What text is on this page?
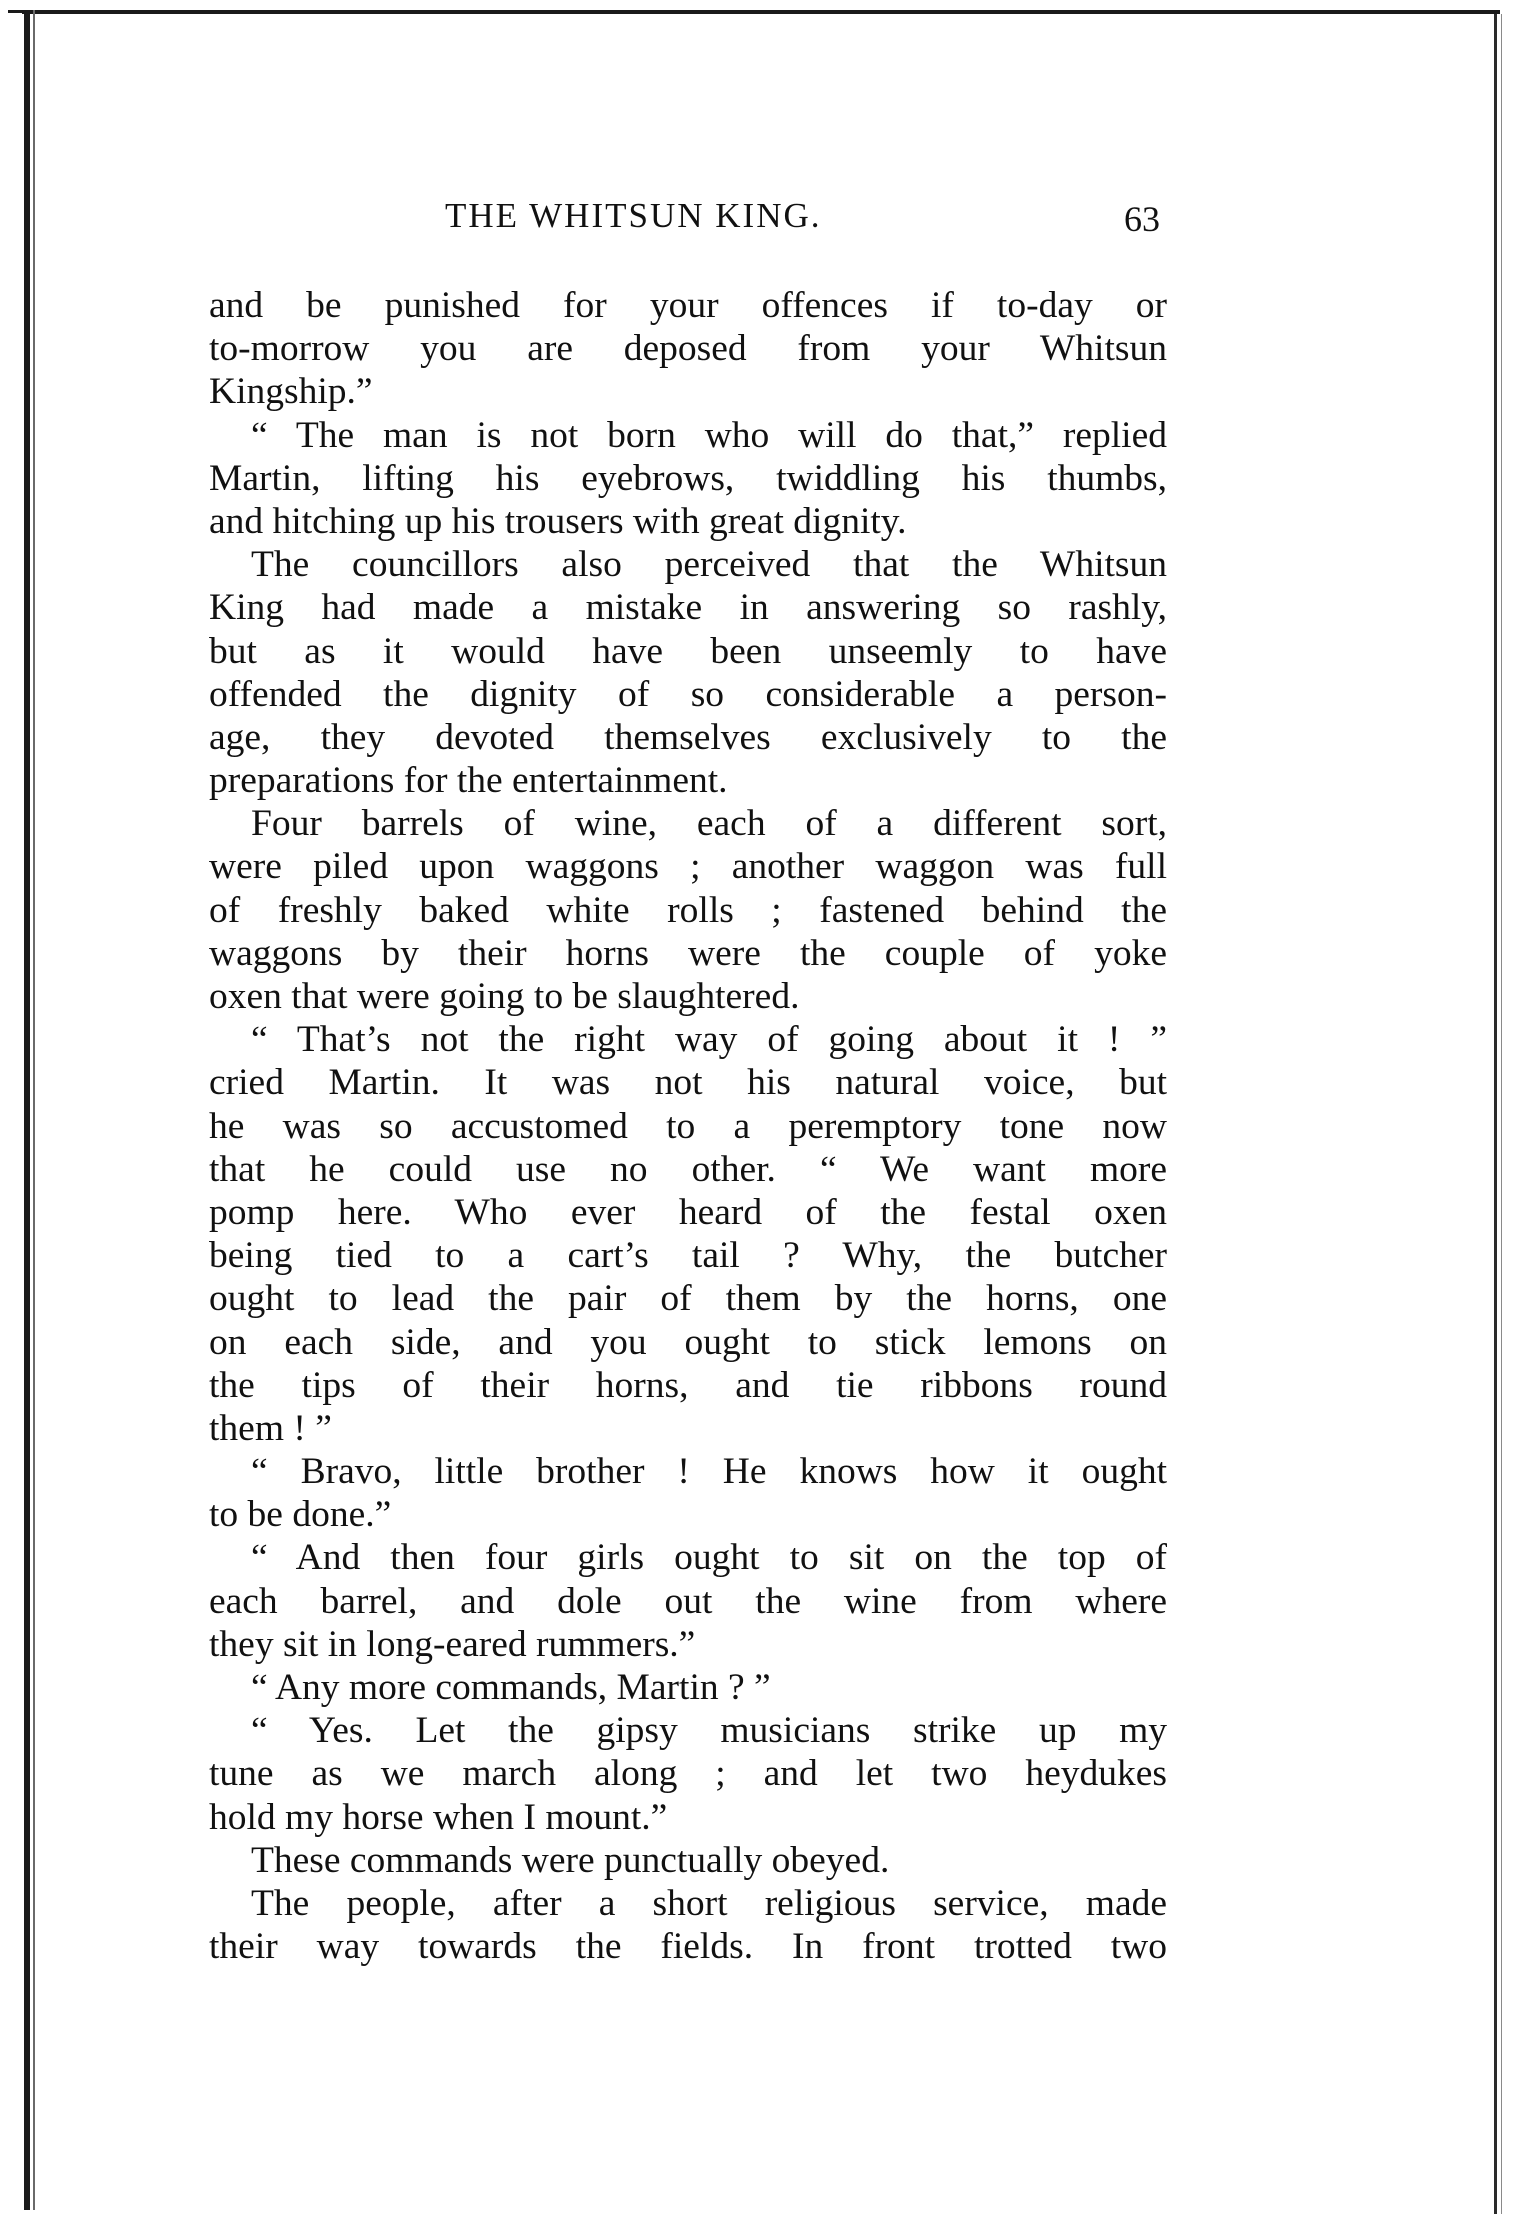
THE WHITSUN KING.	63
and be punished for your offences if to-day or
to-morrow you are deposed from your Whitsun
Kingship.”
“ The man is not born who will do that,” replied
Martin, lifting his eyebrows, twiddling his thumbs,
and hitching up his trousers with great dignity.
The councillors also perceived that the Whitsun
King had made a mistake in answering so rashly,
but as it would have been unseemly to have
offended the dignity of so considerable a person-
age, they devoted themselves exclusively to the
preparations for the entertainment.
Four barrels of wine, each of a different sort,
were piled upon waggons ; another waggon was full
of freshly baked white rolls ; fastened behind the
waggons by their horns were the couple of yoke
oxen that were going to be slaughtered.
“ That’s not the right way of going about it ! ”
cried Martin. It was not his natural voice, but
he was so accustomed to a peremptory tone now
that he could use no other. “ We want more
pomp here. Who ever heard of the festal oxen
being tied to a cart’s tail ? Why, the butcher
ought to lead the pair of them by the horns, one
on each side, and you ought to stick lemons on
the tips of their horns, and tie ribbons round
them ! ”
“ Bravo, little brother ! He knows how it ought
to be done.”
“ And then four girls ought to sit on the top of
each barrel, and dole out the wine from where
they sit in long-eared rummers.”
“ Any more commands, Martin ? ”
“ Yes. Let the gipsy musicians strike up my
tune as we march along ; and let two heydukes
hold my horse when I mount.”
These commands were punctually obeyed.
The people, after a short religious service, made
their way towards the fields. In front trotted two
